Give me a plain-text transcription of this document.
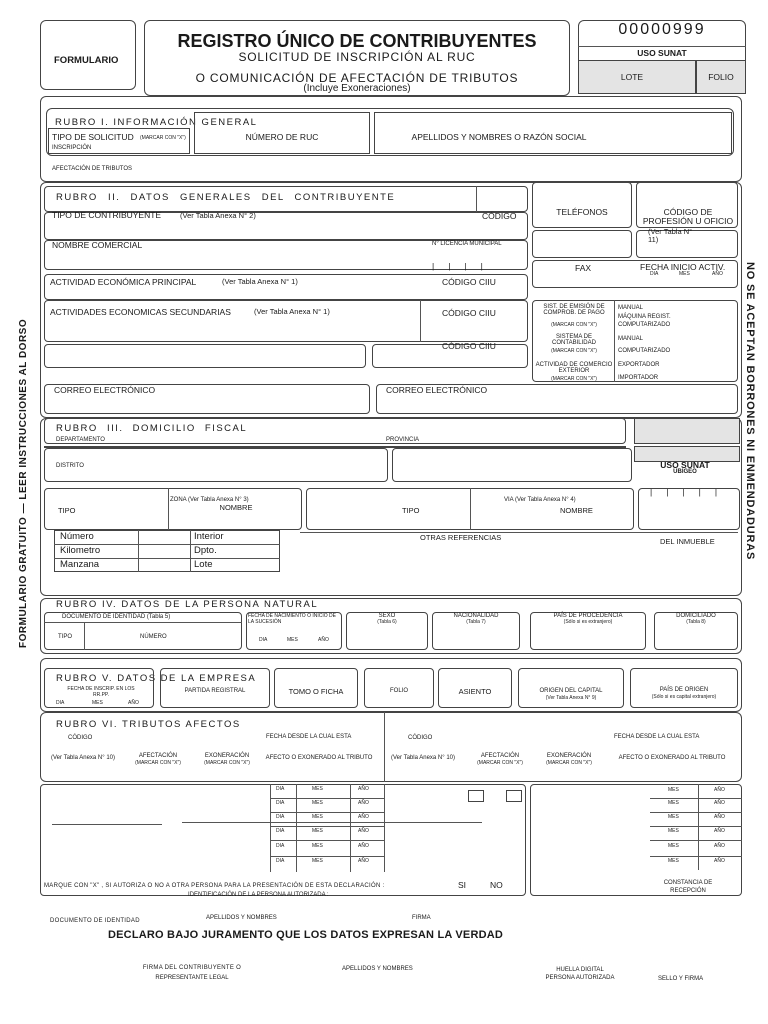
FORMULARIO
REGISTRO ÚNICO DE CONTRIBUYENTES
SOLICITUD DE INSCRIPCIÓN AL RUC
O COMUNICACIÓN DE AFECTACIÓN DE TRIBUTOS
(Incluye Exoneraciones)
00000999
USO SUNAT
LOTE	FOLIO
FORMULARIO GRATUITO — LEER INSTRUCCIONES AL DORSO	NO SE ACEPTAN BORRONES NI ENMENDADURAS
RUBRO I. INFORMACIÓN GENERAL
TIPO DE SOLICITUD (MARCAR CON "X")
INSCRIPCIÓN
NÚMERO DE RUC	APELLIDOS Y NOMBRES O RAZÓN SOCIAL
AFECTACIÓN DE TRIBUTOS
RUBRO II. DATOS GENERALES DEL CONTRIBUYENTE
TIPO DE CONTRIBUYENTE	(Ver Tabla Anexa N° 2)	CÓDIGO
NOMBRE COMERCIAL	N° LICENCIA MUNICIPAL
||||
ACTIVIDAD ECONÓMICA PRINCIPAL	(Ver Tabla Anexa N° 1)	CÓDIGO CIIU
ACTIVIDADES ECONOMICAS SECUNDARIAS	(Ver Tabla Anexa N° 1)	CÓDIGO CIIU
CÓDIGO CIIU
TELÉFONOS	CÓDIGO DE PROFESIÓN U OFICIO
(Ver Tabla N° 11)
FAX	FECHA INICIO ACTIV.
DIA	MES	AÑO
SIST. DE EMISIÓN DE COMPROB. DE PAGO
(MARCAR CON "X")
MANUAL
MÁQUINA REGIST.
COMPUTARIZADO
SISTEMA DE CONTABILIDAD
(MARCAR CON "X")
MANUAL
COMPUTARIZADO
ACTIVIDAD DE COMERCIO EXTERIOR
(MARCAR CON "X")
EXPORTADOR
IMPORTADOR
CORREO ELECTRÓNICO	CORREO ELECTRÓNICO
RUBRO III. DOMICILIO FISCAL
DEPARTAMENTO	PROVINCIA
DISTRITO	USO SUNAT
UBIGEO
TIPO
ZONA (Ver Tabla Anexa N° 3)
NOMBRE	TIPO
VIA (Ver Tabla Anexa N° 4)
NOMBRE
|||||
Número	Interior
Kilometro	Dpto.
Manzana	Lote
OTRAS REFERENCIAS	DEL INMUEBLE
RUBRO IV. DATOS DE LA PERSONA NATURAL
DOCUMENTO DE IDENTIDAD (Tabla 5)
TIPO	NÚMERO
FECHA DE NACIMIENTO O INICIO DE LA SUCESIÓN
DIA	MES	AÑO
SEXO
(Tabla 6)
NACIONALIDAD
(Tabla 7)
PAÍS DE PROCEDENCIA
(Sólo si es extranjero)
DOMICILIADO
(Tabla 8)
RUBRO V. DATOS DE LA EMPRESA
FECHA DE INSCRIP. EN LOS RR.PP.
DIA	MES	AÑO
PARTIDA REGISTRAL	TOMO O FICHA	FOLIO	ASIENTO	ORIGEN DEL CAPITAL
(Ver Tabla Anexa N° 9)
PAÍS DE ORIGEN
(Sólo si es capital extranjero)
RUBRO VI. TRIBUTOS AFECTOS
CÓDIGO	FECHA DESDE LA CUAL ESTA	CÓDIGO	FECHA DESDE LA CUAL ESTA
(Ver Tabla Anexa N° 10)	AFECTACIÓN
(MARCAR CON "X")
EXONERACIÓN
(MARCAR CON "X")
AFECTO O EXONERADO AL TRIBUTO	(Ver Tabla Anexa N° 10)	AFECTACIÓN
(MARCAR CON "X")
EXONERACIÓN
(MARCAR CON "X")
AFECTO O EXONERADO AL TRIBUTO
DIA	MES	AÑO
DIA	MES	AÑO
DIA	MES	AÑO
DIA	MES	AÑO
DIA	MES	AÑO
DIA	MES	AÑO
MARQUE CON "X" , SI AUTORIZA O NO A OTRA PERSONA PARA LA PRESENTACIÓN DE ESTA DECLARACIÓN :	SI	NO
IDENTIFICACIÓN DE LA PERSONA AUTORIZADA :
MES	AÑO
MES	AÑO
MES	AÑO
MES	AÑO
MES	AÑO
MES	AÑO
CONSTANCIA DE RECEPCIÓN
DOCUMENTO DE IDENTIDAD	APELLIDOS Y NOMBRES	FIRMA
DECLARO BAJO JURAMENTO QUE LOS DATOS EXPRESAN LA VERDAD
FIRMA DEL CONTRIBUYENTE O
REPRESENTANTE LEGAL
APELLIDOS Y NOMBRES	HUELLA DIGITAL
PERSONA AUTORIZADA	SELLO Y FIRMA
